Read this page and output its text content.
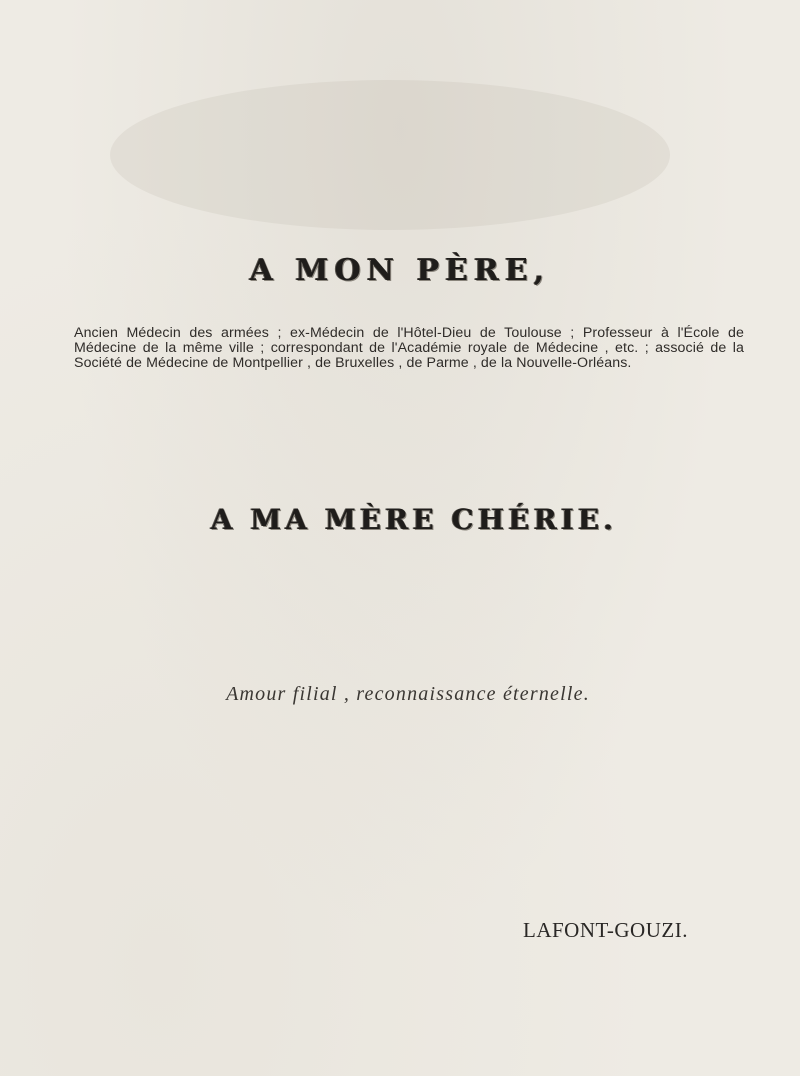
A MON PÈRE,
Ancien Médecin des armées ; ex-Médecin de l'Hôtel-Dieu de Toulouse ; Professeur à l'École de Médecine de la même ville ; correspondant de l'Académie royale de Médecine , etc. ; associé de la Société de Médecine de Montpellier , de Bruxelles , de Parme , de la Nouvelle-Orléans.
A MA MÈRE CHÉRIE.
Amour filial , reconnaissance éternelle.
LAFONT-GOUZI.
